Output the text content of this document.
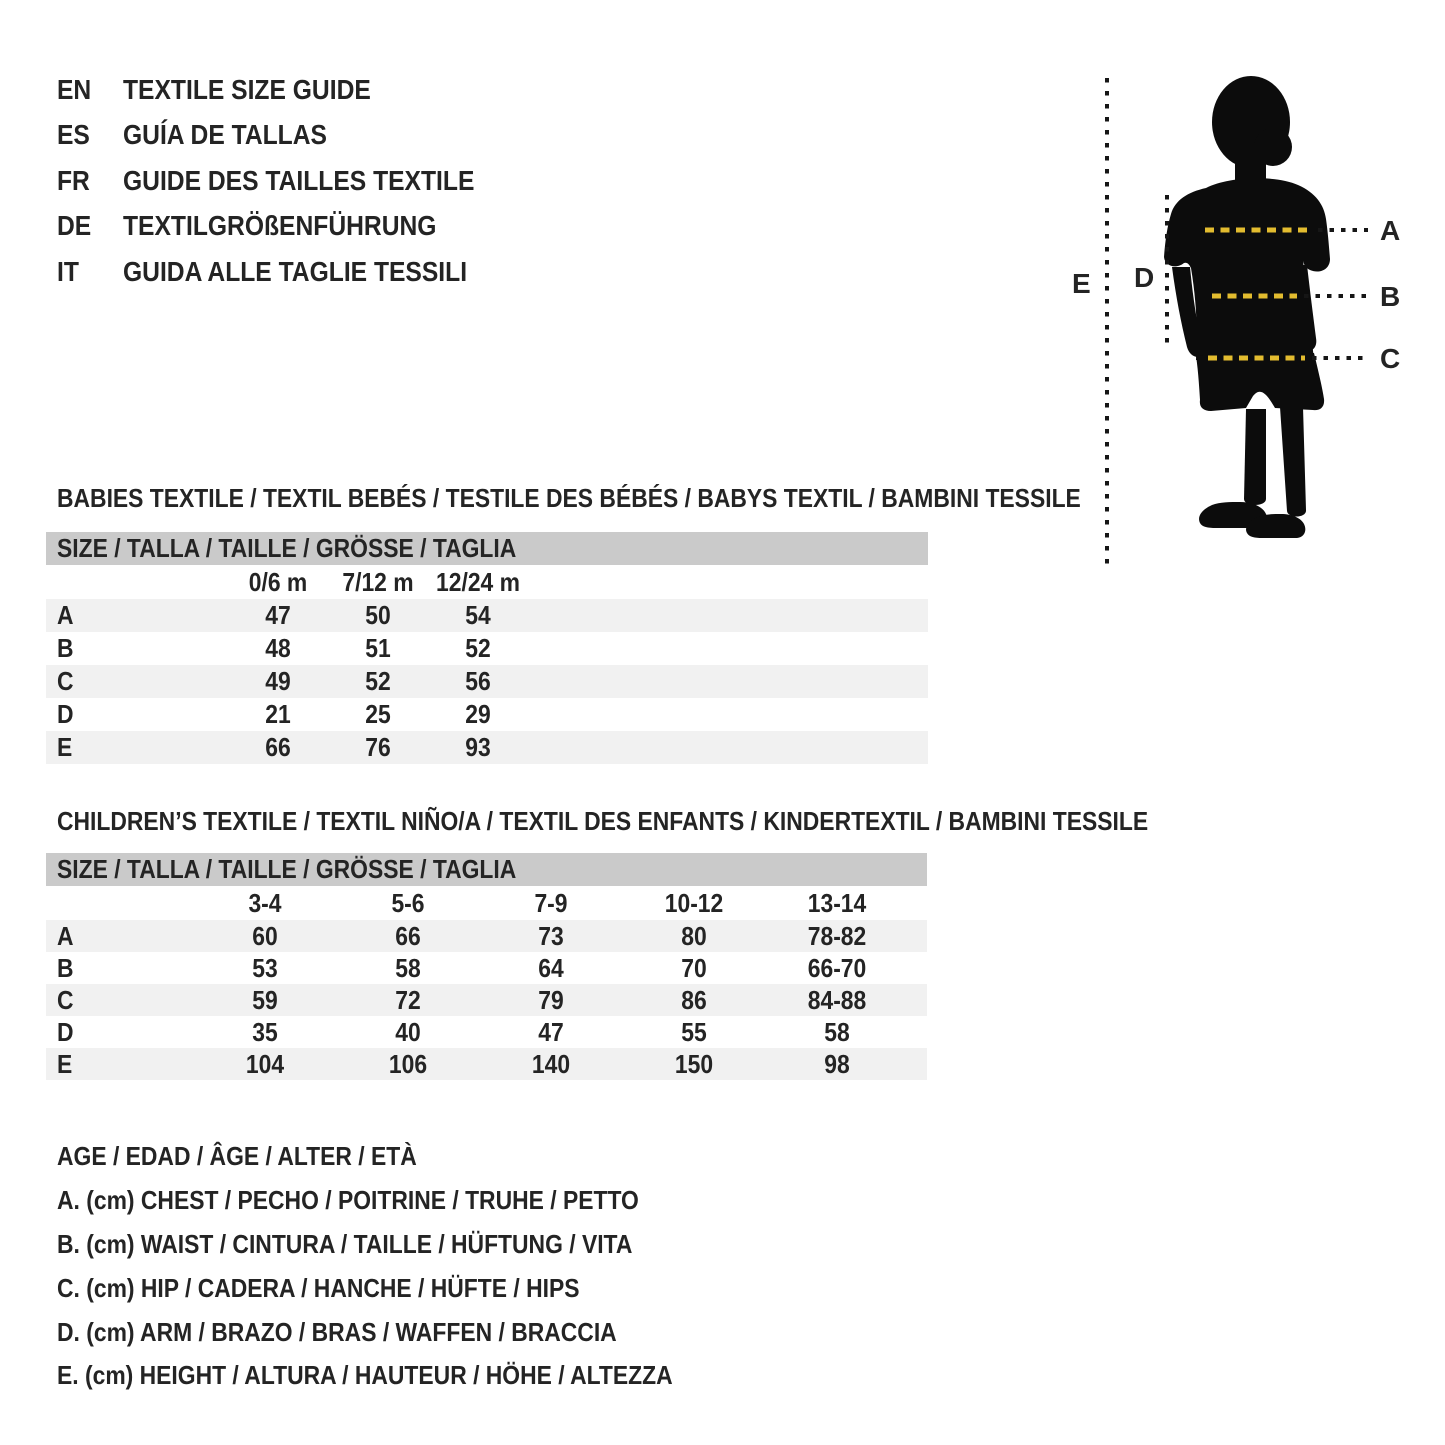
EN TEXTILE SIZE GUIDE
ES GUÍA DE TALLAS
FR GUIDE DES TAILLES TEXTILE
DE TEXTILGRÖßENFÜHRUNG
IT GUIDA ALLE TAGLIE TESSILI
A
B
C
D
E
BABIES TEXTILE / TEXTIL BEBÉS / TESTILE DES BÉBÉS / BABYS TEXTIL / BAMBINI TESSILE
SIZE / TALLA / TAILLE / GRÖSSE / TAGLIA
0/6 m	7/12 m 12/24 m
A	47	50	54
B	48	51	52
C	49	52	56
D	21	25	29
E	66	76	93
CHILDREN’S TEXTILE / TEXTIL NIÑO/A / TEXTIL DES ENFANTS / KINDERTEXTIL / BAMBINI TESSILE
SIZE / TALLA / TAILLE / GRÖSSE / TAGLIA
3-4	5-6	7-9	10-12	13-14
A	60	66	73	80	78-82
B	53	58	64	70	66-70
C	59	72	79	86	84-88
D	35	40	47	55	58
E	104	106	140	150	98
AGE / EDAD / ÂGE / ALTER / ETÀ
A. (cm) CHEST / PECHO / POITRINE / TRUHE / PETTO
B. (cm) WAIST / CINTURA / TAILLE / HÜFTUNG / VITA
C. (cm) HIP / CADERA / HANCHE / HÜFTE / HIPS
D. (cm) ARM / BRAZO / BRAS / WAFFEN / BRACCIA
E. (cm) HEIGHT / ALTURA / HAUTEUR / HÖHE / ALTEZZA
